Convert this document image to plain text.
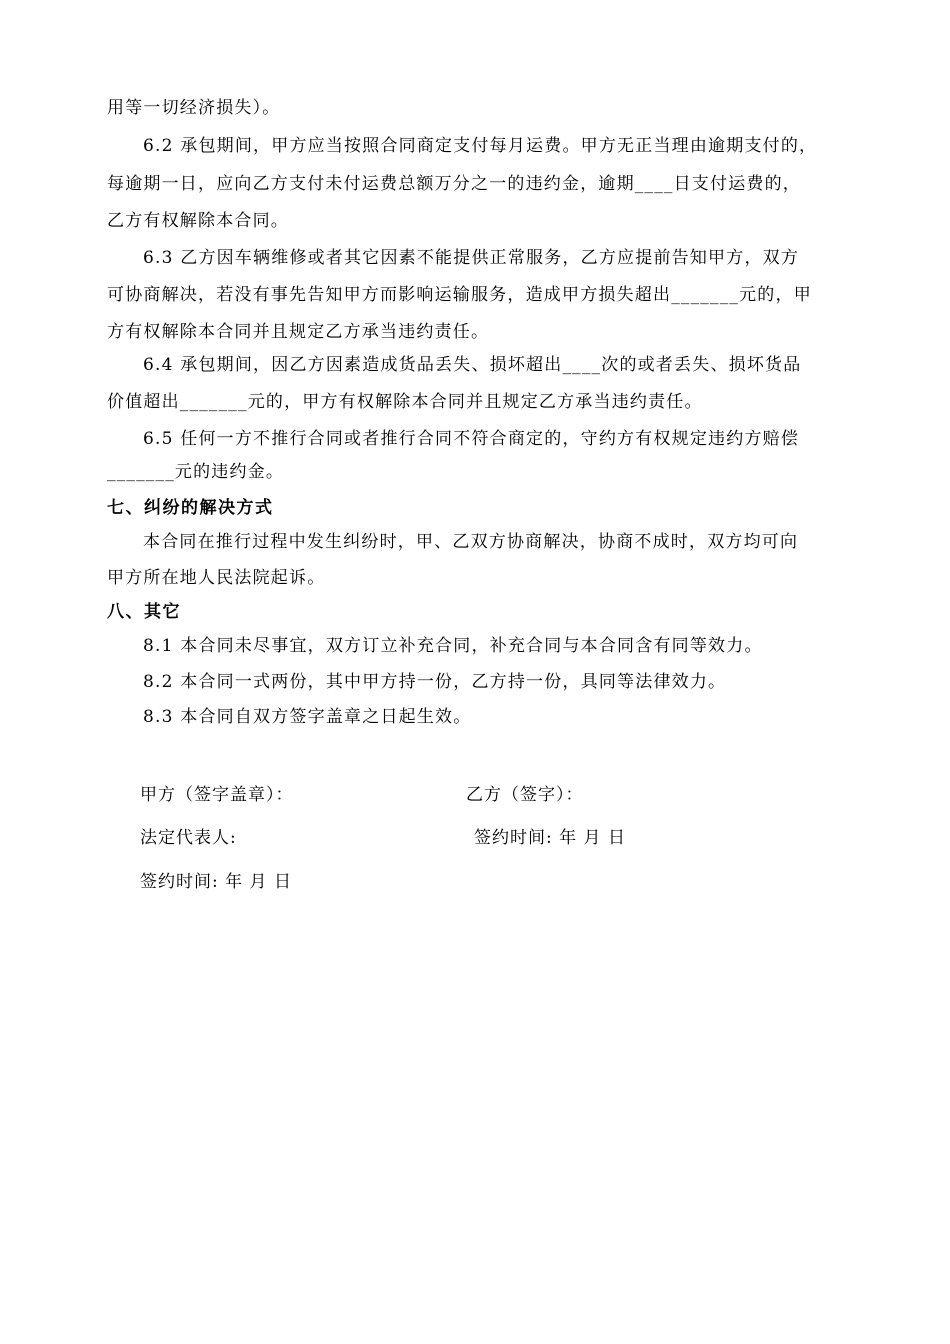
用等一切经济损失）。
6.2 承包期间，甲方应当按照合同商定支付每月运费。甲方无正当理由逾期支付的，
每逾期一日，应向乙方支付未付运费总额万分之一的违约金，逾期____日支付运费的，
乙方有权解除本合同。
6.3 乙方因车辆维修或者其它因素不能提供正常服务，乙方应提前告知甲方，双方
可协商解决，若没有事先告知甲方而影响运输服务，造成甲方损失超出_______元的，甲
方有权解除本合同并且规定乙方承当违约责任。
6.4 承包期间，因乙方因素造成货品丢失、损坏超出____次的或者丢失、损坏货品
价值超出_______元的，甲方有权解除本合同并且规定乙方承当违约责任。
6.5 任何一方不推行合同或者推行合同不符合商定的，守约方有权规定违约方赔偿
_______元的违约金。
七、纠纷的解决方式
本合同在推行过程中发生纠纷时，甲、乙双方协商解决，协商不成时，双方均可向
甲方所在地人民法院起诉。
八、其它
8.1 本合同未尽事宜，双方订立补充合同，补充合同与本合同含有同等效力。
8.2 本合同一式两份，其中甲方持一份，乙方持一份，具同等法律效力。
8.3 本合同自双方签字盖章之日起生效。
甲方（签字盖章）：	乙方（签字）：
法定代表人:	签约时间: 年 月 日
签约时间: 年 月 日
